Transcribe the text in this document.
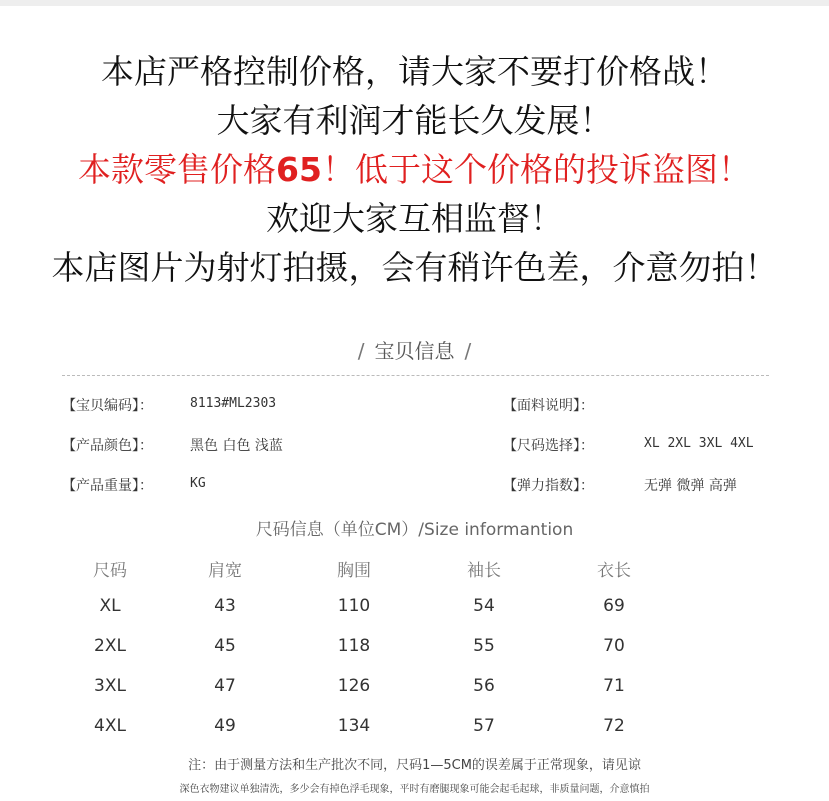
本店严格控制价格，请大家不要打价格战！
大家有利润才能长久发展！
本款零售价格65！低于这个价格的投诉盗图！
欢迎大家互相监督！
本店图片为射灯拍摄，会有稍许色差，介意勿拍！
/ 宝贝信息 /
【宝贝编码】：	8113#ML2303	【面料说明】：
【产品颜色】：	黑色 白色 浅蓝	【尺码选择】：	XL 2XL 3XL 4XL
【产品重量】：	KG	【弹力指数】：	无弹 微弹 高弹
尺码信息（单位CM）/Size informantion
尺码	肩宽	胸围	袖长	衣长
XL	43	110	54	69
2XL	45	118	55	70
3XL	47	126	56	71
4XL	49	134	57	72
注：由于测量方法和生产批次不同，尺码1—5CM的误差属于正常现象，请见谅
深色衣物建议单独清洗，多少会有掉色浮毛现象，平时有磨腿现象可能会起毛起球，非质量问题，介意慎拍
